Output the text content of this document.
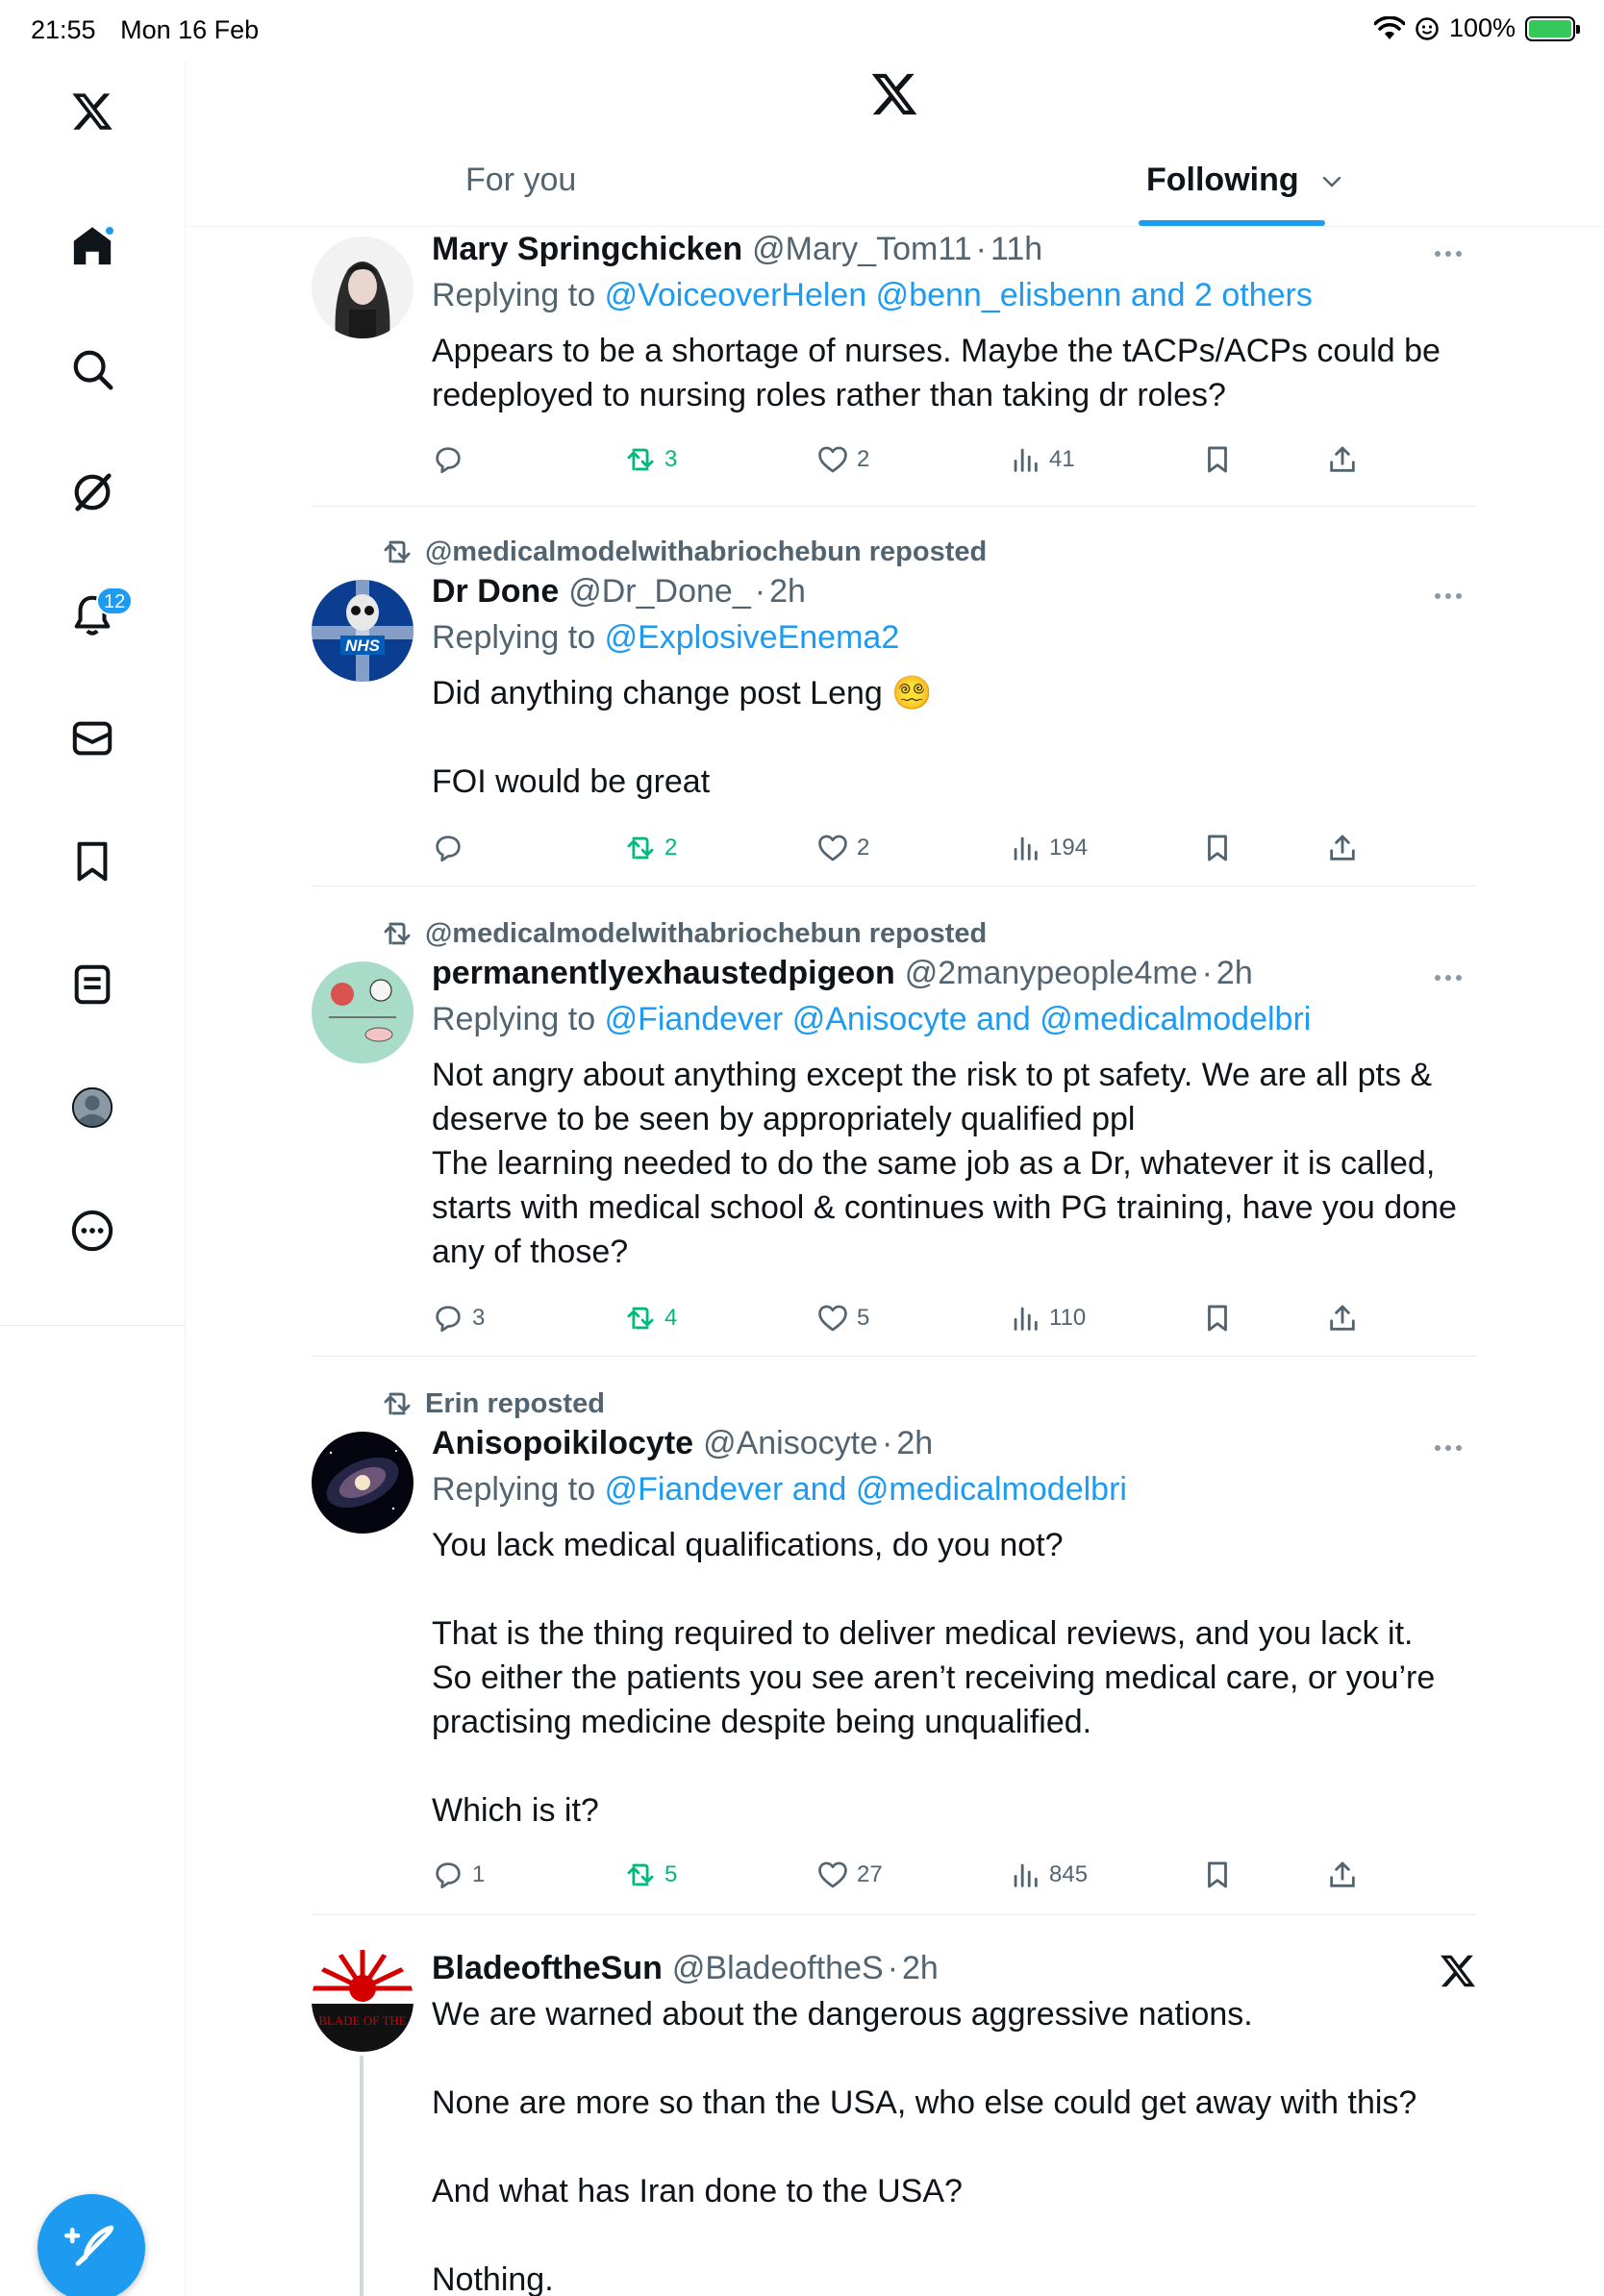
21:55 Mon 16 Feb	100%
12
For you	Following
Mary Springchicken @Mary_Tom11 · 11h
Replying to @VoiceoverHelen @benn_elisbenn and 2 others
Appears to be a shortage of nurses. Maybe the tACPs/ACPs could be redeployed to nursing roles rather than taking dr roles?
3	2	41
@medicalmodelwithabriochebun reposted
NHS
Dr Done @Dr_Done_ · 2h
Replying to @ExplosiveEnema2
Did anything change post Leng 😵‍💫

FOI would be great
2	2	194
@medicalmodelwithabriochebun reposted
permanentlyexhaustedpigeon @2manypeople4me · 2h
Replying to @Fiandever @Anisocyte and @medicalmodelbri
Not angry about anything except the risk to pt safety. We are all pts & deserve to be seen by appropriately qualified ppl
The learning needed to do the same job as a Dr, whatever it is called, starts with medical school & continues with PG training, have you done any of those?
3	4	5	110
Erin reposted
Anisopoikilocyte @Anisocyte · 2h
Replying to @Fiandever and @medicalmodelbri
You lack medical qualifications, do you not?

That is the thing required to deliver medical reviews, and you lack it.
So either the patients you see aren’t receiving medical care, or you’re practising medicine despite being unqualified.

Which is it?
1	5	27	845
BLADE OF THE
BladeoftheSun @BladeoftheS · 2h
We are warned about the dangerous aggressive nations.

None are more so than the USA, who else could get away with this?

And what has Iran done to the USA?

Nothing.
